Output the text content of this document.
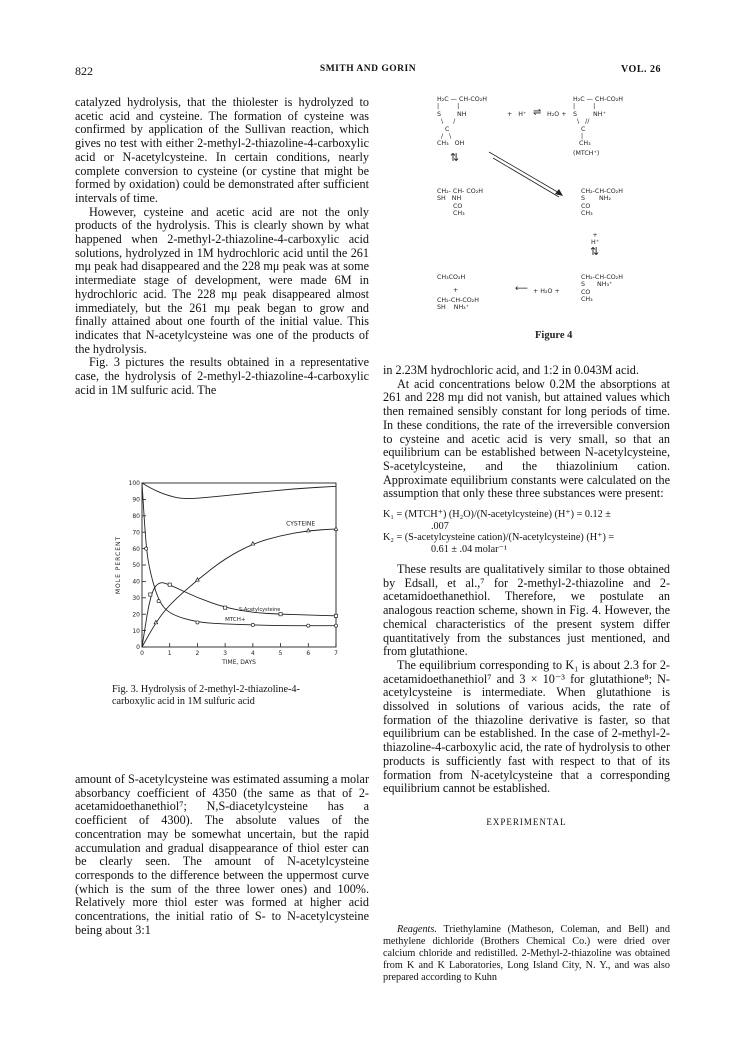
822	SMITH AND GORIN	VOL. 26

catalyzed hydrolysis, that the thiolester is hydrolyzed to acetic acid and cysteine. The formation of cysteine was confirmed by application of the Sullivan reaction, which gives no test with either 2-methyl-2-thiazoline-4-carboxylic acid or N-acetylcysteine. In certain conditions, nearly complete conversion to cysteine (or cystine that might be formed by oxidation) could be demonstrated after sufficient intervals of time.

However, cysteine and acetic acid are not the only products of the hydrolysis. This is clearly shown by what happened when 2-methyl-2-thiazoline-4-carboxylic acid solutions, hydrolyzed in 1M hydrochloric acid until the 261 mμ peak had disappeared and the 228 mμ peak was at some intermediate stage of development, were made 6M in hydrochloric acid. The 228 mμ peak disappeared almost immediately, but the 261 mμ peak began to grow and finally attained about one fourth of the initial value. This indicates that N-acetylcysteine was one of the products of the hydrolysis.

Fig. 3 pictures the results obtained in a representative case, the hydrolysis of 2-methyl-2-thiazoline-4-carboxylic acid in 1M sulfuric acid. The

0
10
20
30
40
50
60
70
80
90
100
0	1	2	3	4	5	6	7
TIME, DAYS
MOLE PERCENT
CYSTEINE
S-Acetylcysteine
MTCH+
Fig. 3. Hydrolysis of 2-methyl-2-thiazoline-4-carboxylic acid in 1M sulfuric acid

amount of S-acetylcysteine was estimated assuming a molar absorbancy coefficient of 4350 (the same as that of 2-acetamidoethanethiol⁷; N,S-diacetylcysteine has a coefficient of 4300). The absolute values of the concentration may be somewhat uncertain, but the rapid accumulation and gradual disappearance of thiol ester can be clearly seen. The amount of N-acetylcysteine corresponds to the difference between the uppermost curve (which is the sum of the three lower ones) and 100%. Relatively more thiol ester was formed at higher acid concentrations, the initial ratio of S- to N-acetylcysteine being about 3:1

H₂C — CH-CO₂H
|         |
S        NH
\     /
C
/   \
CH₃   OH
+   H⁺ ⇌ H₂O +
H₂C — CH-CO₂H
|         |
S        NH⁺
\   //
C
|
CH₃
(MTCH⁺)
⇅
CH₂- CH- CO₂H
SH   NH
CO
CH₃
CH₂-CH-CO₂H
S       NH₂
CO
CH₃
+
H⁺
⇅
CH₃CO₂H
+
CH₂-CH-CO₂H
SH    NH₃⁺
⟵ + H₂O +
CH₂-CH-CO₂H
S      NH₃⁺
CO
CH₃
Figure 4

in 2.23M hydrochloric acid, and 1:2 in 0.043M acid.

At acid concentrations below 0.2M the absorptions at 261 and 228 mμ did not vanish, but attained values which then remained sensibly constant for long periods of time. In these conditions, the rate of the irreversible conversion to cysteine and acetic acid is very small, so that an equilibrium can be established between N-acetylcysteine, S-acetylcysteine, and the thiazolinium cation. Approximate equilibrium constants were calculated on the assumption that only these three substances were present:

K₁ = (MTCH⁺) (H₂O)/(N-acetylcysteine) (H⁺) = 0.12 ±
.007
K₂ = (S-acetylcysteine cation)/(N-acetylcysteine) (H⁺) =
0.61 ± .04 molar⁻¹

These results are qualitatively similar to those obtained by Edsall, et al.,⁷ for 2-methyl-2-thiazoline and 2-acetamidoethanethiol. Therefore, we postulate an analogous reaction scheme, shown in Fig. 4. However, the chemical characteristics of the present system differ quantitatively from the substances just mentioned, and from glutathione.

The equilibrium corresponding to K₁ is about 2.3 for 2-acetamidoethanethiol⁷ and 3 × 10⁻³ for glutathione⁸; N-acetylcysteine is intermediate. When glutathione is dissolved in solutions of various acids, the rate of formation of the thiazoline derivative is faster, so that equilibrium can be established. In the case of 2-methyl-2-thiazoline-4-carboxylic acid, the rate of hydrolysis to other products is sufficiently fast with respect to that of its formation from N-acetylcysteine that a corresponding equilibrium cannot be established.

EXPERIMENTAL

Reagents. Triethylamine (Matheson, Coleman, and Bell) and methylene dichloride (Brothers Chemical Co.) were dried over calcium chloride and redistilled. 2-Methyl-2-thiazoline was obtained from K and K Laboratories, Long Island City, N. Y., and was also prepared according to Kuhn
